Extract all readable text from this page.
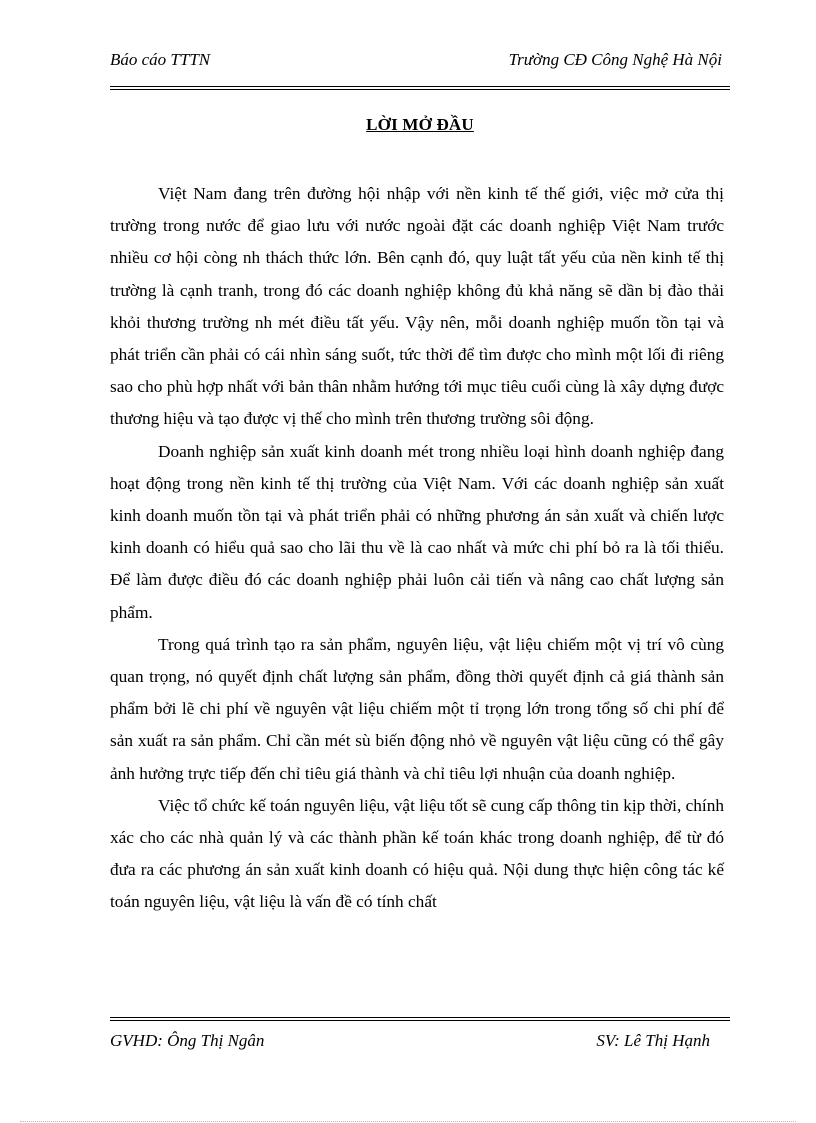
Báo cáo TTTN	Trường CĐ Công Nghệ Hà Nội
LỜI MỞ ĐẦU

Việt Nam đang trên đường hội nhập với nền kinh tế thế giới, việc mở cửa thị trường trong nước để giao lưu với nước ngoài đặt các doanh nghiệp Việt Nam trước nhiều cơ hội còng nh thách thức lớn. Bên cạnh đó, quy luật tất yếu của nền kinh tế thị trường là cạnh tranh, trong đó các doanh nghiệp không đủ khả năng sẽ dần bị đào thải khỏi thương trường nh mét điều tất yếu. Vậy nên, mỗi doanh nghiệp muốn tồn tại và phát triển cần phải có cái nhìn sáng suốt, tức thời để tìm được cho mình một lối đi riêng sao cho phù hợp nhất với bản thân nhằm hướng tới mục tiêu cuối cùng là xây dựng được thương hiệu và tạo được vị thế cho mình trên thương trường sôi động.

Doanh nghiệp sản xuất kinh doanh mét trong nhiều loại hình doanh nghiệp đang hoạt động trong nền kinh tế thị trường của Việt Nam. Với các doanh nghiệp sản xuất kinh doanh muốn tồn tại và phát triển phải có những phương án sản xuất và chiến lược kinh doanh có hiểu quả sao cho lãi thu về là cao nhất và mức chi phí bỏ ra là tối thiểu. Để làm được điều đó các doanh nghiệp phải luôn cải tiến và nâng cao chất lượng sản phẩm.

Trong quá trình tạo ra sản phẩm, nguyên liệu, vật liệu chiếm một vị trí vô cùng quan trọng, nó quyết định chất lượng sản phẩm, đồng thời quyết định cả giá thành sản phẩm bởi lẽ chi phí về nguyên vật liệu chiếm một tỉ trọng lớn trong tổng số chi phí để sản xuất ra sản phẩm. Chỉ cần mét sù biến động nhỏ về nguyên vật liệu cũng có thể gây ảnh hưởng trực tiếp đến chỉ tiêu giá thành và chỉ tiêu lợi nhuận của doanh nghiệp.

Việc tổ chức kế toán nguyên liệu, vật liệu tốt sẽ cung cấp thông tin kịp thời, chính xác cho các nhà quản lý và các thành phần kế toán khác trong doanh nghiệp, để từ đó đưa ra các phương án sản xuất kinh doanh có hiệu quả. Nội dung thực hiện công tác kế toán nguyên liệu, vật liệu là vấn đề có tính chất

GVHD: Ông Thị Ngân	SV: Lê Thị Hạnh
